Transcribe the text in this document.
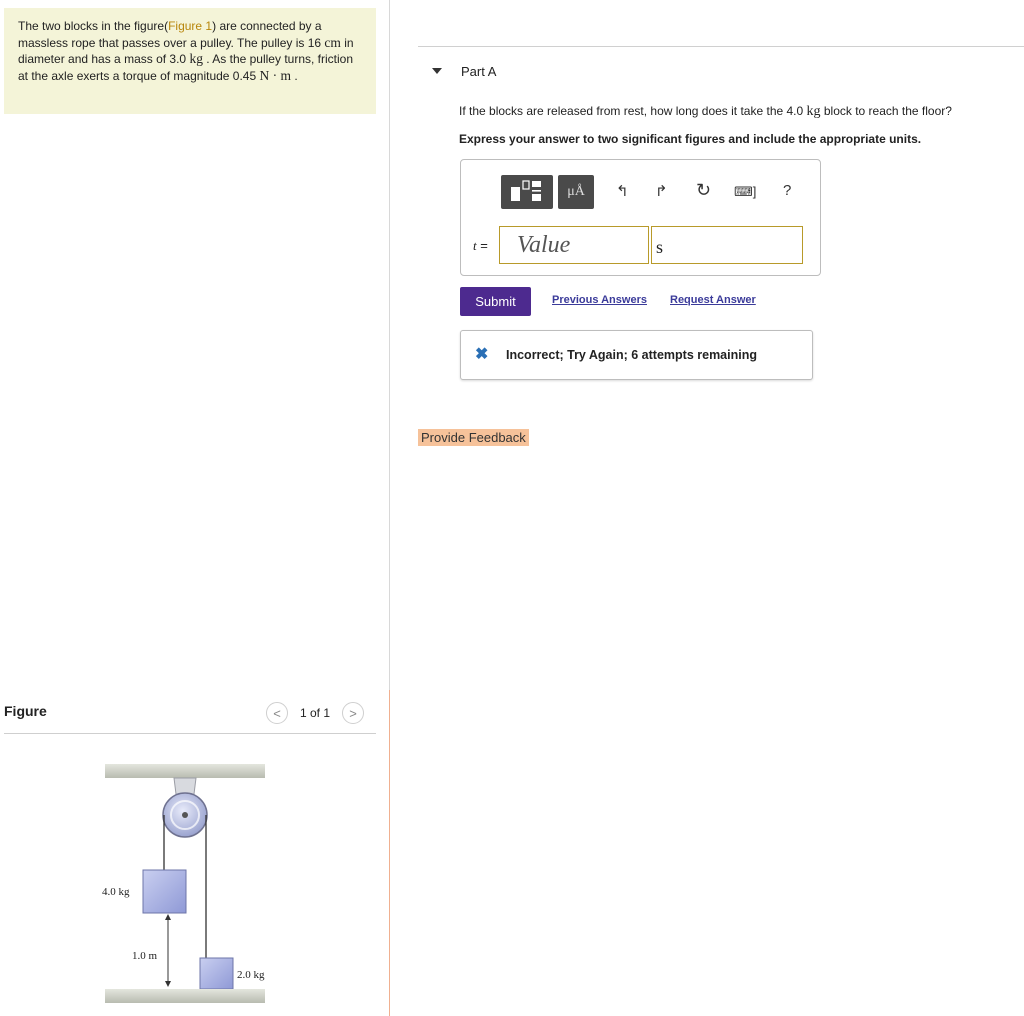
The two blocks in the figure(Figure 1) are connected by a massless rope that passes over a pulley. The pulley is 16 cm in diameter and has a mass of 3.0 kg . As the pulley turns, friction at the axle exerts a torque of magnitude 0.45 N · m .
Figure	< 1 of 1 >
4.0 kg
1.0 m
2.0 kg
Part A
If the blocks are released from rest, how long does it take the 4.0 kg block to reach the floor?
Express your answer to two significant figures and include the appropriate units.
μÅ ↰ ↱ ↻ ⌨] ?
t =	Value	s
Submit	Previous Answers Request Answer
✖ Incorrect; Try Again; 6 attempts remaining
Provide Feedback
